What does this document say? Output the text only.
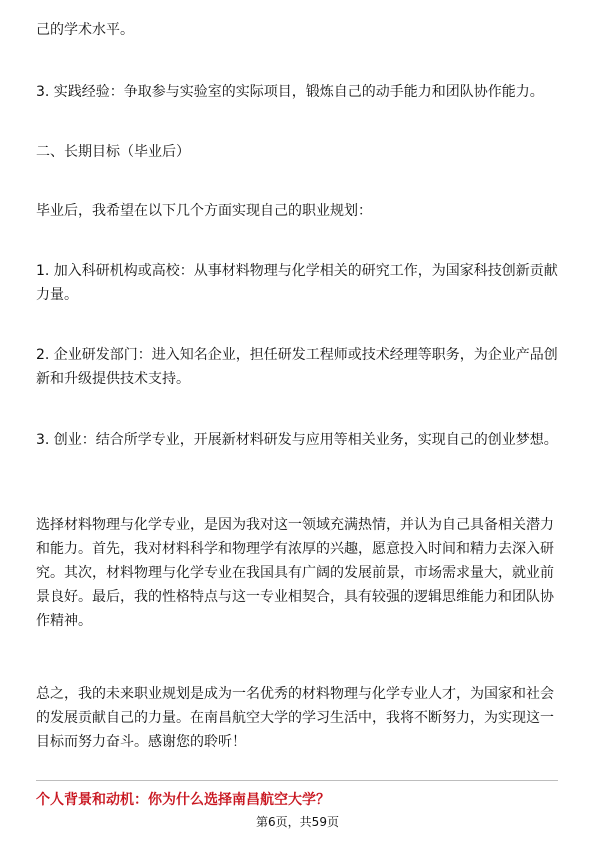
己的学术水平。

3. 实践经验：争取参与实验室的实际项目，锻炼自己的动手能力和团队协作能力。

二、长期目标（毕业后）

毕业后，我希望在以下几个方面实现自己的职业规划：

1. 加入科研机构或高校：从事材料物理与化学相关的研究工作，为国家科技创新贡献力量。

2. 企业研发部门：进入知名企业，担任研发工程师或技术经理等职务，为企业产品创新和升级提供技术支持。

3. 创业：结合所学专业，开展新材料研发与应用等相关业务，实现自己的创业梦想。

选择材料物理与化学专业，是因为我对这一领域充满热情，并认为自己具备相关潜力和能力。首先，我对材料科学和物理学有浓厚的兴趣，愿意投入时间和精力去深入研究。其次，材料物理与化学专业在我国具有广阔的发展前景，市场需求量大，就业前景良好。最后，我的性格特点与这一专业相契合，具有较强的逻辑思维能力和团队协作精神。

总之，我的未来职业规划是成为一名优秀的材料物理与化学专业人才，为国家和社会的发展贡献自己的力量。在南昌航空大学的学习生活中，我将不断努力，为实现这一目标而努力奋斗。感谢您的聆听！

个人背景和动机：你为什么选择南昌航空大学？

第6页，共59页
